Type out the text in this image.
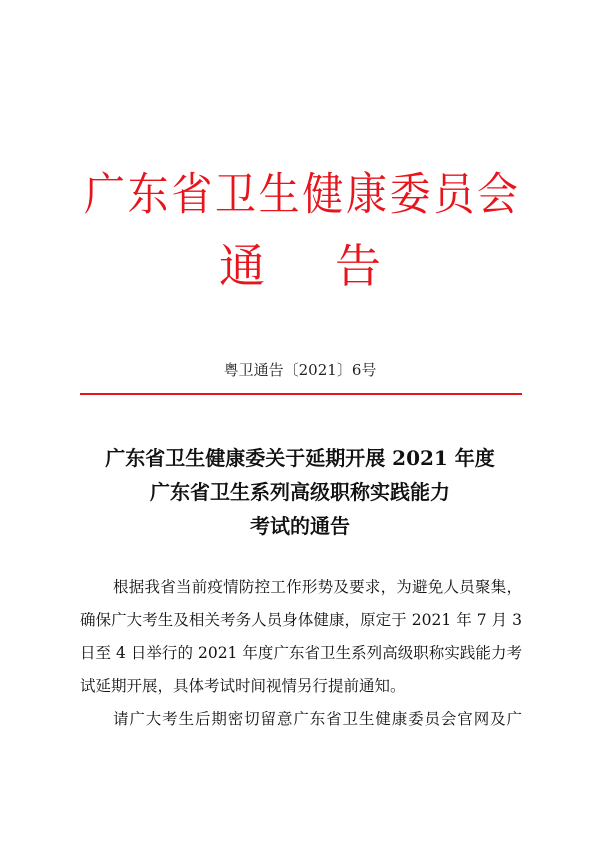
广东省卫生健康委员会
通 告
粤卫通告〔2021〕6号
广东省卫生健康委关于延期开展 2021 年度
广东省卫生系列高级职称实践能力
考试的通告
根据我省当前疫情防控工作形势及要求，为避免人员聚集，
确保广大考生及相关考务人员身体健康，原定于 2021 年 7 月 3
日至 4 日举行的 2021 年度广东省卫生系列高级职称实践能力考
试延期开展，具体考试时间视情另行提前通知。
请广大考生后期密切留意广东省卫生健康委员会官网及广
